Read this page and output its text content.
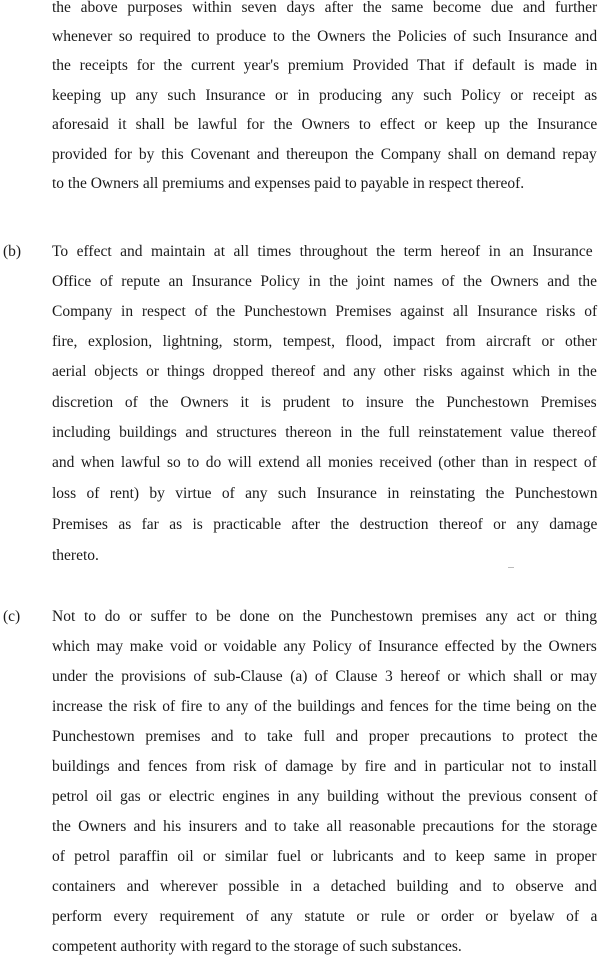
the above purposes within seven days after the same become due and further
whenever so required to produce to the Owners the Policies of such Insurance and
the receipts for the current year's premium Provided That if default is made in
keeping up any such Insurance or in producing any such Policy or receipt as
aforesaid it shall be lawful for the Owners to effect or keep up the Insurance
provided for by this Covenant and thereupon the Company shall on demand repay
to the Owners all premiums and expenses paid to payable in respect thereof.
(b) To effect and maintain at all times throughout the term hereof in an Insurance
Office of repute an Insurance Policy in the joint names of the Owners and the
Company in respect of the Punchestown Premises against all Insurance risks of
fire, explosion, lightning, storm, tempest, flood, impact from aircraft or other
aerial objects or things dropped thereof and any other risks against which in the
discretion of the Owners it is prudent to insure the Punchestown Premises
including buildings and structures thereon in the full reinstatement value thereof
and when lawful so to do will extend all monies received (other than in respect of
loss of rent) by virtue of any such Insurance in reinstating the Punchestown
Premises as far as is practicable after the destruction thereof or any damage
thereto.
(c) Not to do or suffer to be done on the Punchestown premises any act or thing
which may make void or voidable any Policy of Insurance effected by the Owners
under the provisions of sub-Clause (a) of Clause 3 hereof or which shall or may
increase the risk of fire to any of the buildings and fences for the time being on the
Punchestown premises and to take full and proper precautions to protect the
buildings and fences from risk of damage by fire and in particular not to install
petrol oil gas or electric engines in any building without the previous consent of
the Owners and his insurers and to take all reasonable precautions for the storage
of petrol paraffin oil or similar fuel or lubricants and to keep same in proper
containers and wherever possible in a detached building and to observe and
perform every requirement of any statute or rule or order or byelaw of a
competent authority with regard to the storage of such substances.
